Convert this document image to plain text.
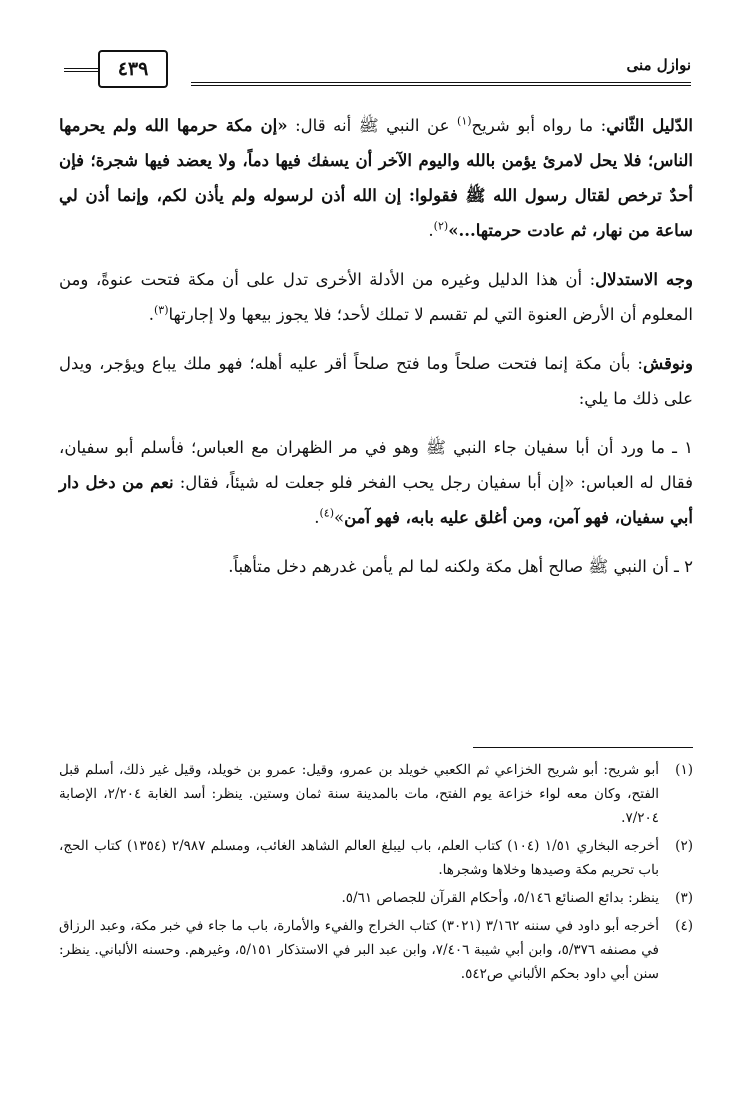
نوازل منى
٤٣٩

الدّليل الثّاني: ما رواه أبو شريح$^{(١)}$ عن النبي ﷺ أنه قال: «إن مكة حرمها الله ولم يحرمها الناس؛ فلا يحل لامرئ يؤمن بالله واليوم الآخر أن يسفك فيها دماً، ولا يعضد فيها شجرة؛ فإن أحدٌ ترخص لقتال رسول الله ﷺ فقولوا: إن الله أذن لرسوله ولم يأذن لكم، وإنما أذن لي ساعة من نهار، ثم عادت حرمتها...»$^{(٢)}$.

وجه الاستدلال: أن هذا الدليل وغيره من الأدلة الأخرى تدل على أن مكة فتحت عنوةً، ومن المعلوم أن الأرض العنوة التي لم تقسم لا تملك لأحد؛ فلا يجوز بيعها ولا إجارتها$^{(٣)}$.

ونوقش: بأن مكة إنما فتحت صلحاً وما فتح صلحاً أقر عليه أهله؛ فهو ملك يباع ويؤجر، ويدل على ذلك ما يلي:

١ ـ ما ورد أن أبا سفيان جاء النبي ﷺ وهو في مر الظهران مع العباس؛ فأسلم أبو سفيان، فقال له العباس: «إن أبا سفيان رجل يحب الفخر فلو جعلت له شيئاً، فقال: نعم من دخل دار أبي سفيان، فهو آمن، ومن أغلق عليه بابه، فهو آمن»$^{(٤)}$.

٢ ـ أن النبي ﷺ صالح أهل مكة ولكنه لما لم يأمن غدرهم دخل متأهباً.

(١)
أبو شريح: أبو شريح الخزاعي ثم الكعبي خويلد بن عمرو، وقيل: عمرو بن خويلد، وقيل غير ذلك، أسلم قبل الفتح، وكان معه لواء خزاعة يوم الفتح، مات بالمدينة سنة ثمان وستين. ينظر: أسد الغابة ٢/٢٠٤، الإصابة ٧/٢٠٤.
(٢)
أخرجه البخاري ١/٥١ (١٠٤) كتاب العلم، باب ليبلغ العالم الشاهد الغائب، ومسلم ٢/٩٨٧ (١٣٥٤) كتاب الحج، باب تحريم مكة وصيدها وخلاها وشجرها.
(٣)
ينظر: بدائع الصنائع ٥/١٤٦، وأحكام القرآن للجصاص ٥/٦١.
(٤)
أخرجه أبو داود في سننه ٣/١٦٢ (٣٠٢١) كتاب الخراج والفيء والأمارة، باب ما جاء في خبر مكة، وعبد الرزاق في مصنفه ٥/٣٧٦، وابن أبي شيبة ٧/٤٠٦، وابن عبد البر في الاستذكار ٥/١٥١، وغيرهم. وحسنه الألباني. ينظر: سنن أبي داود بحكم الألباني ص٥٤٢.
